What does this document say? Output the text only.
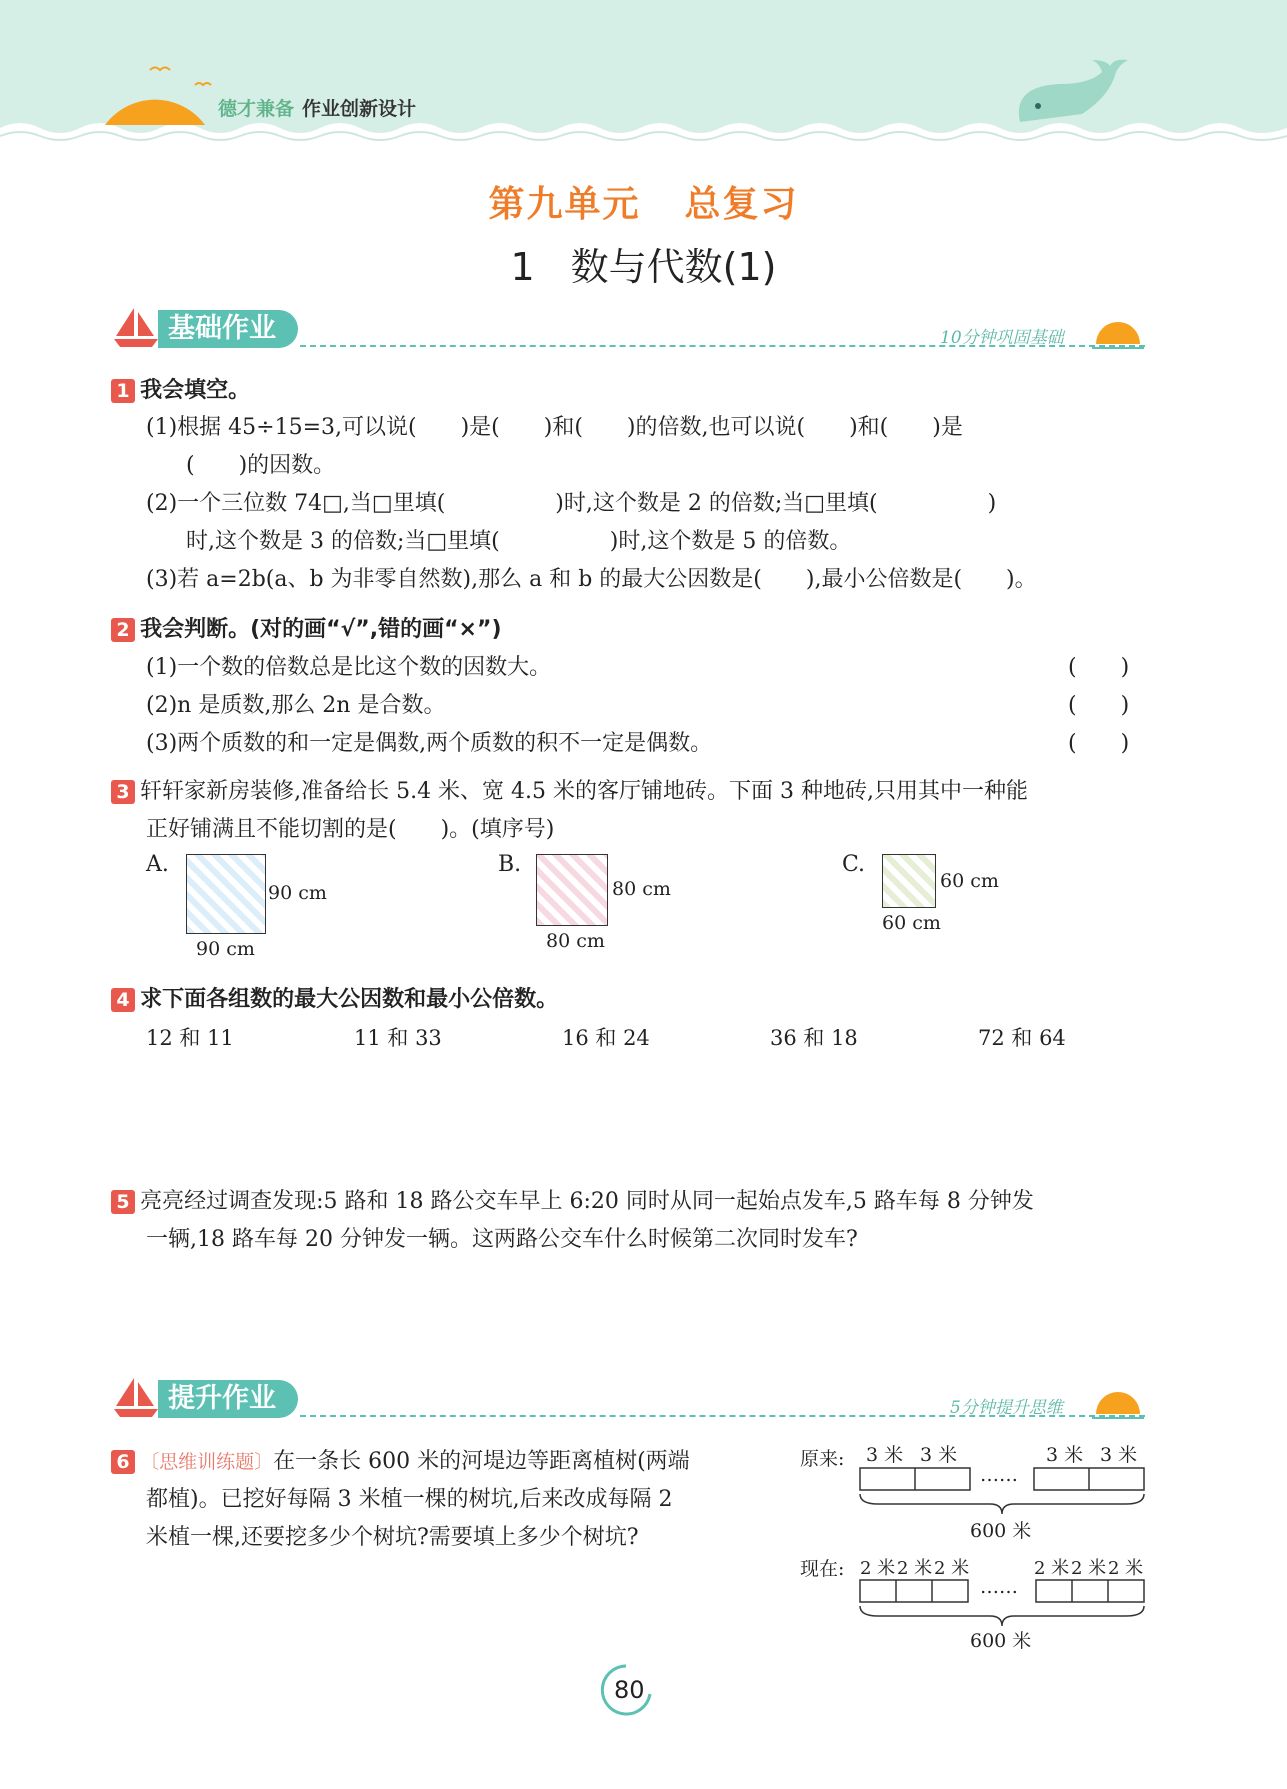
德才兼备 作业创新设计
第九单元 总复习
1 数与代数(1)
基础作业	10分钟巩固基础
1 我会填空。
(1)根据 45÷15=3,可以说(　　)是(　　)和(　　)的倍数,也可以说(　　)和(　　)是
(　　)的因数。
(2)一个三位数 74□,当□里填(　　　　　)时,这个数是 2 的倍数;当□里填(　　　　　)
时,这个数是 3 的倍数;当□里填(　　　　　)时,这个数是 5 的倍数。
(3)若 a=2b(a、b 为非零自然数),那么 a 和 b 的最大公因数是(　　),最小公倍数是(　　)。
2 我会判断。(对的画“√”,错的画“×”)
(1)一个数的倍数总是比这个数的因数大。	(　　)
(2)n 是质数,那么 2n 是合数。	(　　)
(3)两个质数的和一定是偶数,两个质数的积不一定是偶数。	(　　)
3 轩轩家新房装修,准备给长 5.4 米、宽 4.5 米的客厅铺地砖。下面 3 种地砖,只用其中一种能
正好铺满且不能切割的是(　　)。(填序号)
A.
90 cm
90 cm
B.
80 cm
80 cm
C.
60 cm
60 cm
4 求下面各组数的最大公因数和最小公倍数。
12 和 11	11 和 33	16 和 24	36 和 18	72 和 64
5 亮亮经过调查发现:5 路和 18 路公交车早上 6:20 同时从同一起始点发车,5 路车每 8 分钟发
一辆,18 路车每 20 分钟发一辆。这两路公交车什么时候第二次同时发车?
提升作业	5分钟提升思维
6 〔思维训练题〕在一条长 600 米的河堤边等距离植树(两端
都植)。已挖好每隔 3 米植一棵的树坑,后来改成每隔 2
米植一棵,还要挖多少个树坑?需要填上多少个树坑?
原来: 3 米 3 米	3 米 3 米
……
600 米
现在: 2 米 2 米 2 米	2 米 2 米 2 米
……
600 米
80
